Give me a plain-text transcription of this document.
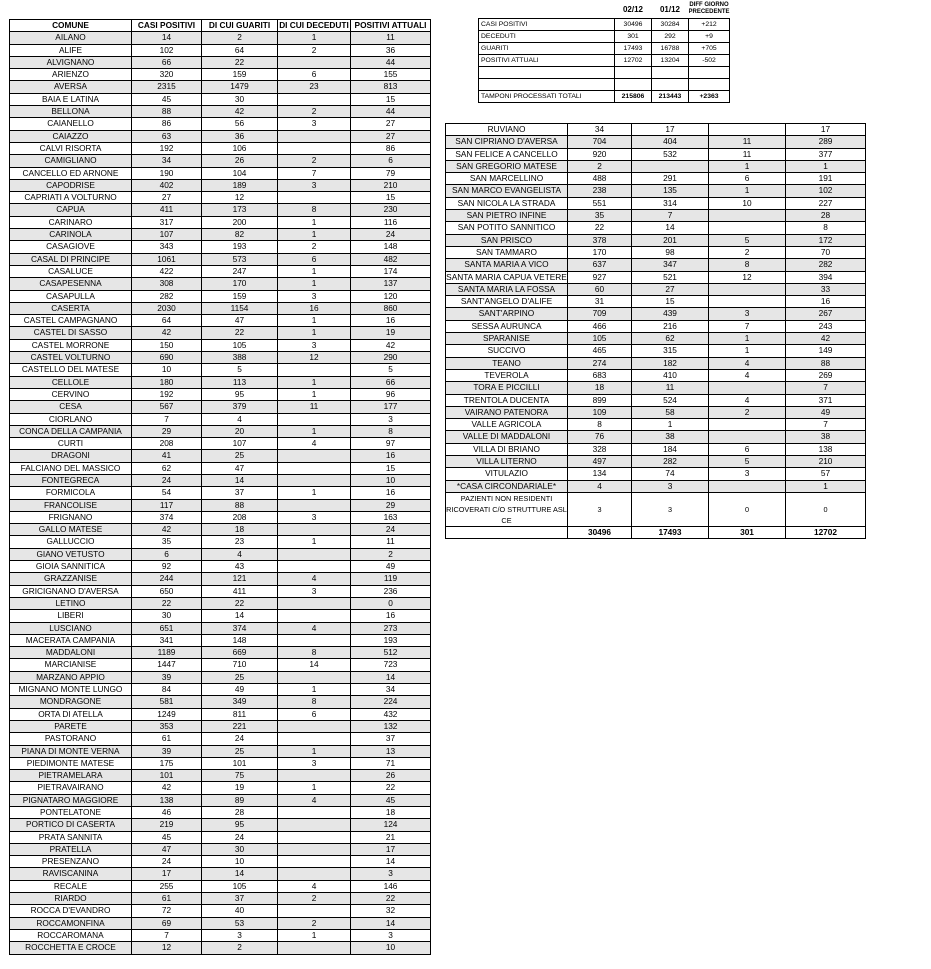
	02/12	01/12	DIFF GIORNO PRECEDENTE
CASI POSITIVI	30496	30284	+212
DECEDUTI	301	292	+9
GUARITI	17493	16788	+705
POSITIVI ATTUALI	12702	13204	-502

TAMPONI PROCESSATI TOTALI	215806	213443	+2363
COMUNE	CASI POSITIVI	DI CUI GUARITI	DI CUI DECEDUTI	POSITIVI ATTUALI
AILANO	14	2	1	11
ALIFE	102	64	2	36
ALVIGNANO	66	22		44
ARIENZO	320	159	6	155
AVERSA	2315	1479	23	813
BAIA E LATINA	45	30		15
BELLONA	88	42	2	44
CAIANELLO	86	56	3	27
CAIAZZO	63	36		27
CALVI RISORTA	192	106		86
CAMIGLIANO	34	26	2	6
CANCELLO ED ARNONE	190	104	7	79
CAPODRISE	402	189	3	210
CAPRIATI A VOLTURNO	27	12		15
CAPUA	411	173	8	230
CARINARO	317	200	1	116
CARINOLA	107	82	1	24
CASAGIOVE	343	193	2	148
CASAL DI PRINCIPE	1061	573	6	482
CASALUCE	422	247	1	174
CASAPESENNA	308	170	1	137
CASAPULLA	282	159	3	120
CASERTA	2030	1154	16	860
CASTEL CAMPAGNANO	64	47	1	16
CASTEL DI SASSO	42	22	1	19
CASTEL MORRONE	150	105	3	42
CASTEL VOLTURNO	690	388	12	290
CASTELLO DEL MATESE	10	5		5
CELLOLE	180	113	1	66
CERVINO	192	95	1	96
CESA	567	379	11	177
CIORLANO	7	4		3
CONCA DELLA CAMPANIA	29	20	1	8
CURTI	208	107	4	97
DRAGONI	41	25		16
FALCIANO DEL MASSICO	62	47		15
FONTEGRECA	24	14		10
FORMICOLA	54	37	1	16
FRANCOLISE	117	88		29
FRIGNANO	374	208	3	163
GALLO MATESE	42	18		24
GALLUCCIO	35	23	1	11
GIANO VETUSTO	6	4		2
GIOIA SANNITICA	92	43		49
GRAZZANISE	244	121	4	119
GRICIGNANO D'AVERSA	650	411	3	236
LETINO	22	22		0
LIBERI	30	14		16
LUSCIANO	651	374	4	273
MACERATA CAMPANIA	341	148		193
MADDALONI	1189	669	8	512
MARCIANISE	1447	710	14	723
MARZANO APPIO	39	25		14
MIGNANO MONTE LUNGO	84	49	1	34
MONDRAGONE	581	349	8	224
ORTA DI ATELLA	1249	811	6	432
PARETE	353	221		132
PASTORANO	61	24		37
PIANA DI MONTE VERNA	39	25	1	13
PIEDIMONTE MATESE	175	101	3	71
PIETRAMELARA	101	75		26
PIETRAVAIRANO	42	19	1	22
PIGNATARO MAGGIORE	138	89	4	45
PONTELATONE	46	28		18
PORTICO DI CASERTA	219	95		124
PRATA SANNITA	45	24		21
PRATELLA	47	30		17
PRESENZANO	24	10		14
RAVISCANINA	17	14		3
RECALE	255	105	4	146
RIARDO	61	37	2	22
ROCCA D'EVANDRO	72	40		32
ROCCAMONFINA	69	53	2	14
ROCCAROMANA	7	3	1	3
ROCCHETTA E CROCE	12	2		10
RUVIANO	34	17		17
SAN CIPRIANO D'AVERSA	704	404	11	289
SAN FELICE A CANCELLO	920	532	11	377
SAN GREGORIO MATESE	2		1	1
SAN MARCELLINO	488	291	6	191
SAN MARCO EVANGELISTA	238	135	1	102
SAN NICOLA LA STRADA	551	314	10	227
SAN PIETRO INFINE	35	7		28
SAN POTITO SANNITICO	22	14		8
SAN PRISCO	378	201	5	172
SAN TAMMARO	170	98	2	70
SANTA MARIA A VICO	637	347	8	282
SANTA MARIA CAPUA VETERE	927	521	12	394
SANTA MARIA LA FOSSA	60	27		33
SANT'ANGELO D'ALIFE	31	15		16
SANT'ARPINO	709	439	3	267
SESSA AURUNCA	466	216	7	243
SPARANISE	105	62	1	42
SUCCIVO	465	315	1	149
TEANO	274	182	4	88
TEVEROLA	683	410	4	269
TORA E PICCILLI	18	11		7
TRENTOLA DUCENTA	899	524	4	371
VAIRANO PATENORA	109	58	2	49
VALLE AGRICOLA	8	1		7
VALLE DI MADDALONI	76	38		38
VILLA DI BRIANO	328	184	6	138
VILLA LITERNO	497	282	5	210
VITULAZIO	134	74	3	57
*CASA CIRCONDARIALE*	4	3		1
PAZIENTI NON RESIDENTI RICOVERATI C/O STRUTTURE ASL CE	3	3	0	0
	30496	17493	301	12702
